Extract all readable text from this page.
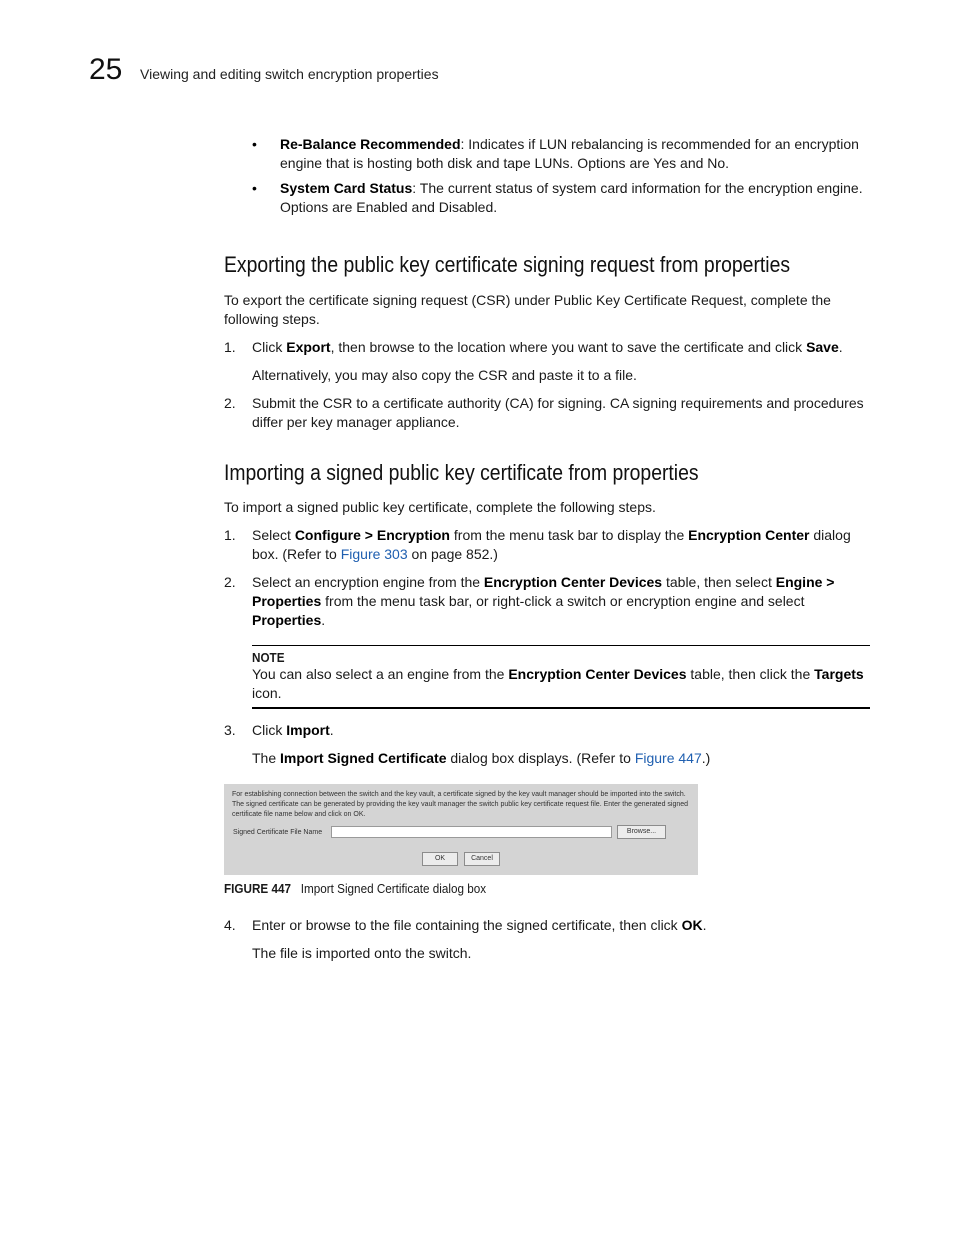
25 Viewing and editing switch encryption properties
• Re-Balance Recommended: Indicates if LUN rebalancing is recommended for an encryption engine that is hosting both disk and tape LUNs. Options are Yes and No.
• System Card Status: The current status of system card information for the encryption engine. Options are Enabled and Disabled.
Exporting the public key certificate signing request from properties
To export the certificate signing request (CSR) under Public Key Certificate Request, complete the following steps.
1.	Click Export, then browse to the location where you want to save the certificate and click Save.
Alternatively, you may also copy the CSR and paste it to a file.
2.	Submit the CSR to a certificate authority (CA) for signing. CA signing requirements and procedures differ per key manager appliance.
Importing a signed public key certificate from properties
To import a signed public key certificate, complete the following steps.
1.	Select Configure > Encryption from the menu task bar to display the Encryption Center dialog box. (Refer to Figure 303 on page 852.)
2.	Select an encryption engine from the Encryption Center Devices table, then select Engine > Properties from the menu task bar, or right-click a switch or encryption engine and select Properties.
NOTE
You can also select a an engine from the Encryption Center Devices table, then click the Targets icon.
3.	Click Import.
The Import Signed Certificate dialog box displays. (Refer to Figure 447.)
For establishing connection between the switch and the key vault, a certificate signed by the key vault manager should be imported into the switch. The signed certificate can be generated by providing the key vault manager the switch public key certificate request file. Enter the generated signed certificate file name below and click on OK.
Signed Certificate File Name	Browse...
OK	Cancel
FIGURE 447 Import Signed Certificate dialog box
4.	Enter or browse to the file containing the signed certificate, then click OK.
The file is imported onto the switch.
